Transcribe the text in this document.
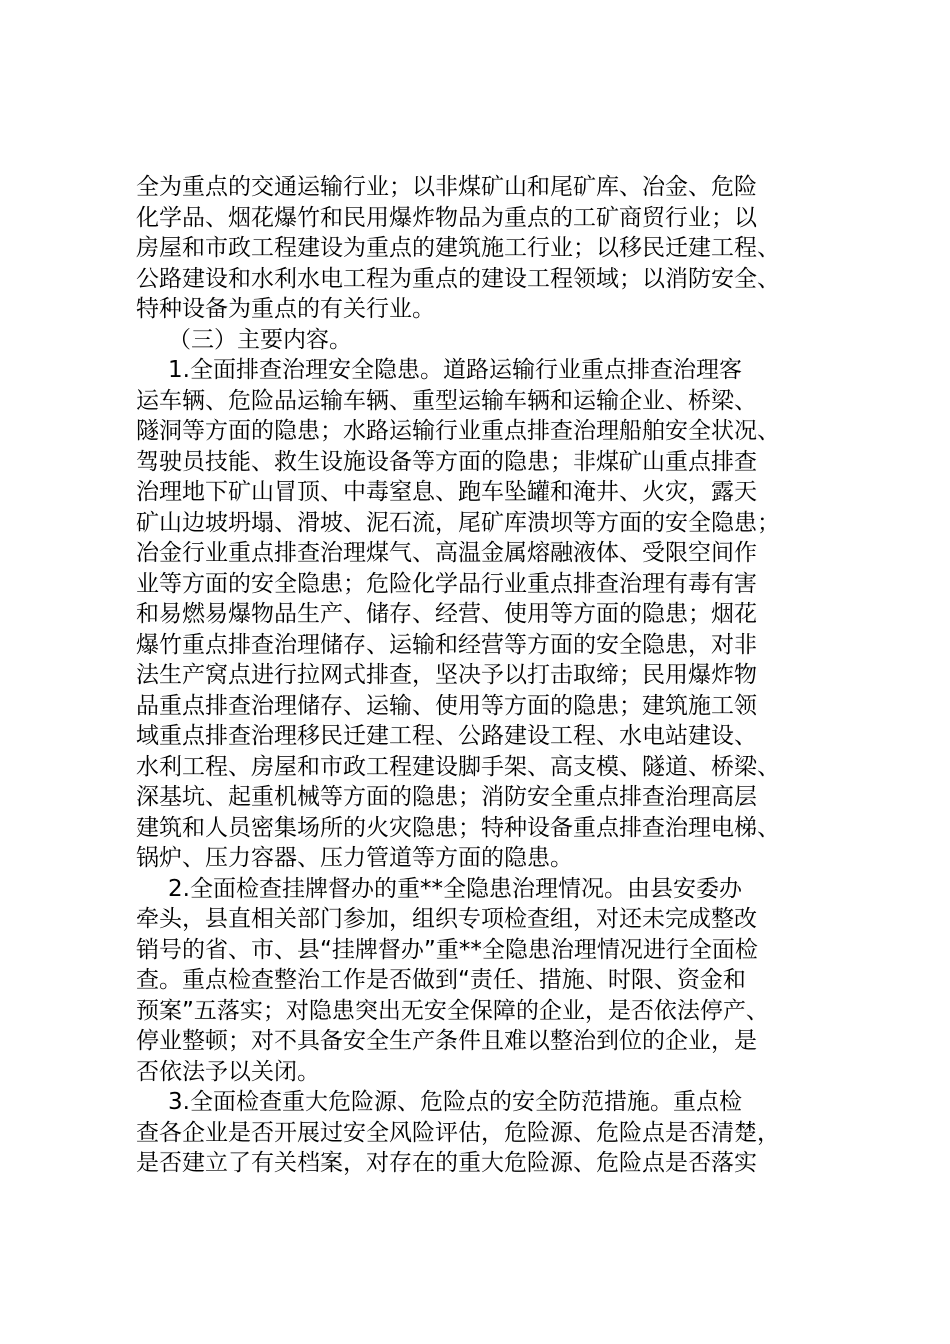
全为重点的交通运输行业；以非煤矿山和尾矿库、冶金、危险
化学品、烟花爆竹和民用爆炸物品为重点的工矿商贸行业；以
房屋和市政工程建设为重点的建筑施工行业；以移民迁建工程、
公路建设和水利水电工程为重点的建设工程领域；以消防安全、
特种设备为重点的有关行业。
（三）主要内容。
1.全面排查治理安全隐患。道路运输行业重点排查治理客
运车辆、危险品运输车辆、重型运输车辆和运输企业、桥梁、
隧洞等方面的隐患；水路运输行业重点排查治理船舶安全状况、
驾驶员技能、救生设施设备等方面的隐患；非煤矿山重点排查
治理地下矿山冒顶、中毒窒息、跑车坠罐和淹井、火灾，露天
矿山边坡坍塌、滑坡、泥石流，尾矿库溃坝等方面的安全隐患；
冶金行业重点排查治理煤气、高温金属熔融液体、受限空间作
业等方面的安全隐患；危险化学品行业重点排查治理有毒有害
和易燃易爆物品生产、储存、经营、使用等方面的隐患；烟花
爆竹重点排查治理储存、运输和经营等方面的安全隐患，对非
法生产窝点进行拉网式排查，坚决予以打击取缔；民用爆炸物
品重点排查治理储存、运输、使用等方面的隐患；建筑施工领
域重点排查治理移民迁建工程、公路建设工程、水电站建设、
水利工程、房屋和市政工程建设脚手架、高支模、隧道、桥梁、
深基坑、起重机械等方面的隐患；消防安全重点排查治理高层
建筑和人员密集场所的火灾隐患；特种设备重点排查治理电梯、
锅炉、压力容器、压力管道等方面的隐患。
2.全面检查挂牌督办的重**全隐患治理情况。由县安委办
牵头，县直相关部门参加，组织专项检查组，对还未完成整改
销号的省、市、县“挂牌督办”重**全隐患治理情况进行全面检
查。重点检查整治工作是否做到“责任、措施、时限、资金和
预案”五落实；对隐患突出无安全保障的企业，是否依法停产、
停业整顿；对不具备安全生产条件且难以整治到位的企业，是
否依法予以关闭。
3.全面检查重大危险源、危险点的安全防范措施。重点检
查各企业是否开展过安全风险评估，危险源、危险点是否清楚，
是否建立了有关档案，对存在的重大危险源、危险点是否落实
